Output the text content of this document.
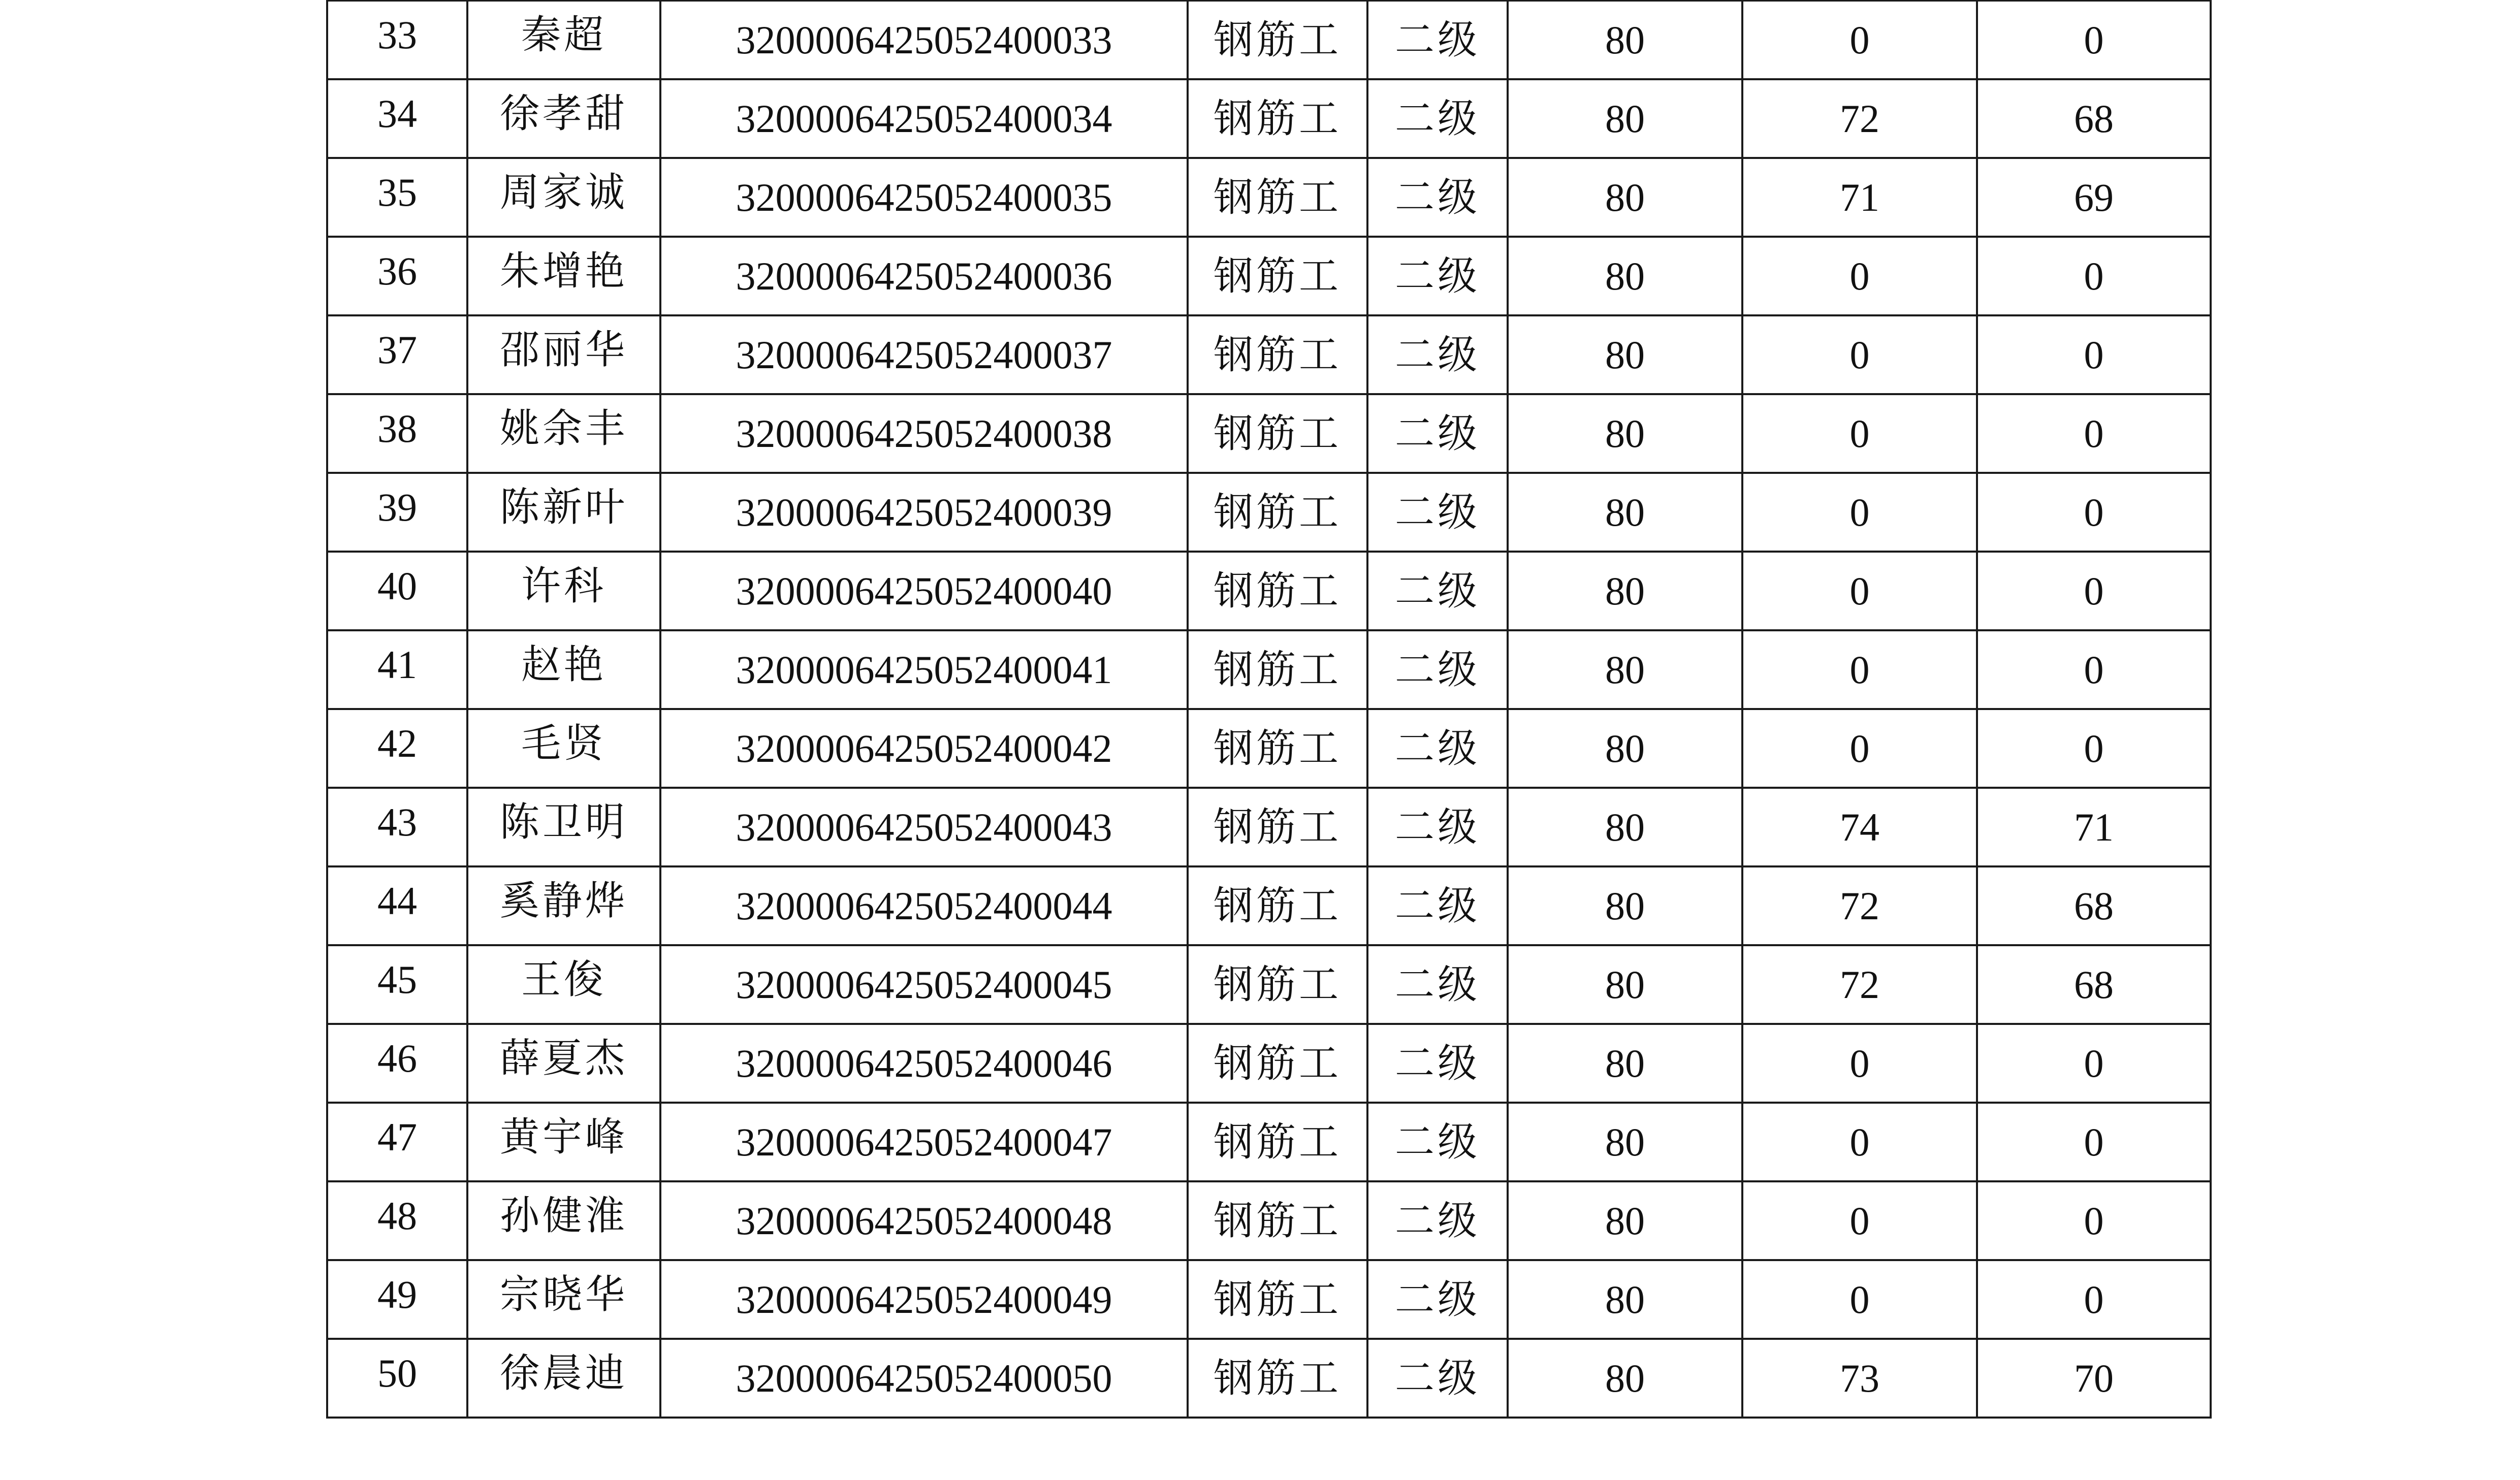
33	秦超	3200006425052400033	钢筋工	二级	80	0	0
34	徐孝甜	3200006425052400034	钢筋工	二级	80	72	68
35	周家诚	3200006425052400035	钢筋工	二级	80	71	69
36	朱增艳	3200006425052400036	钢筋工	二级	80	0	0
37	邵丽华	3200006425052400037	钢筋工	二级	80	0	0
38	姚余丰	3200006425052400038	钢筋工	二级	80	0	0
39	陈新叶	3200006425052400039	钢筋工	二级	80	0	0
40	许科	3200006425052400040	钢筋工	二级	80	0	0
41	赵艳	3200006425052400041	钢筋工	二级	80	0	0
42	毛贤	3200006425052400042	钢筋工	二级	80	0	0
43	陈卫明	3200006425052400043	钢筋工	二级	80	74	71
44	奚静烨	3200006425052400044	钢筋工	二级	80	72	68
45	王俊	3200006425052400045	钢筋工	二级	80	72	68
46	薛夏杰	3200006425052400046	钢筋工	二级	80	0	0
47	黄宇峰	3200006425052400047	钢筋工	二级	80	0	0
48	孙健淮	3200006425052400048	钢筋工	二级	80	0	0
49	宗晓华	3200006425052400049	钢筋工	二级	80	0	0
50	徐晨迪	3200006425052400050	钢筋工	二级	80	73	70
